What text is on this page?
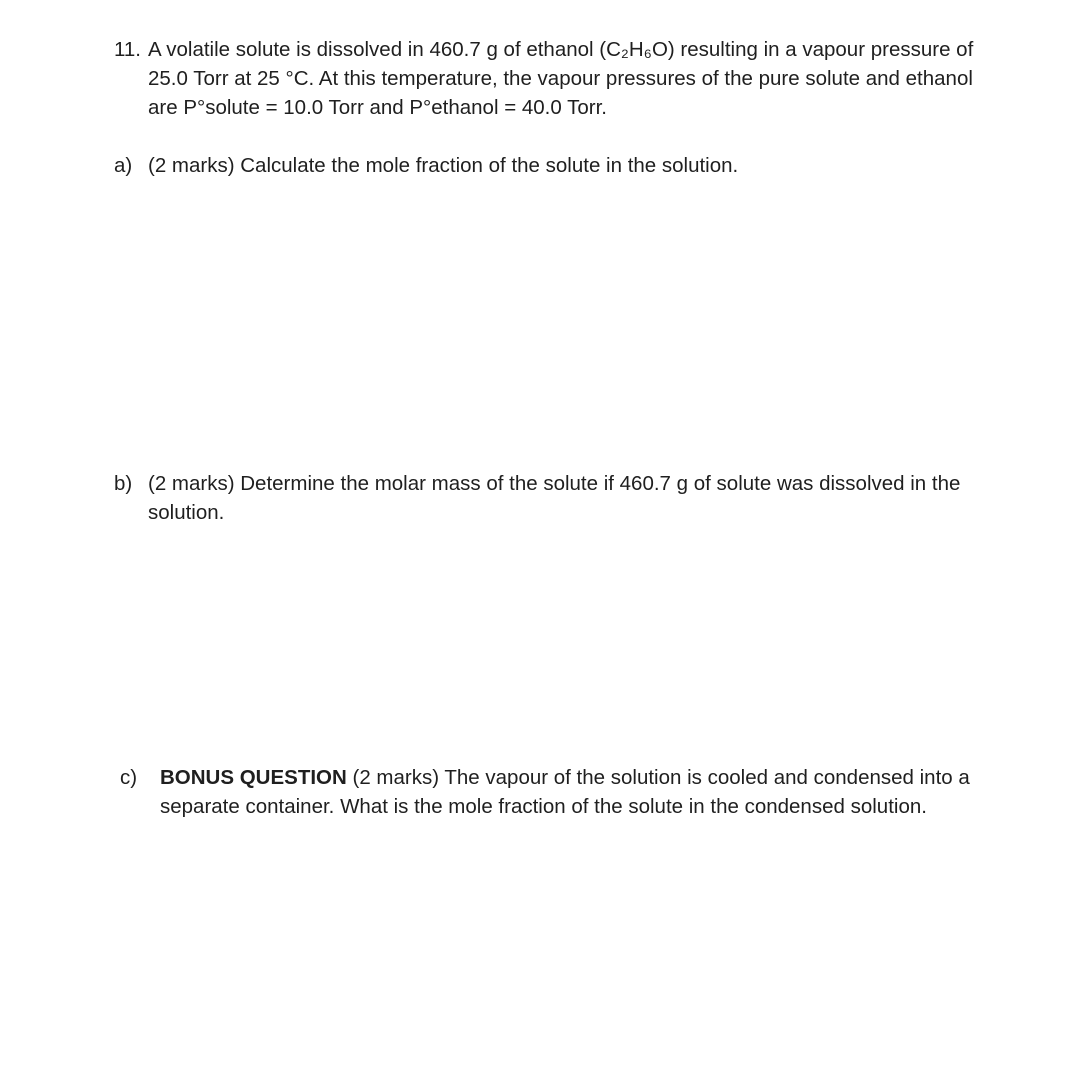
11. A volatile solute is dissolved in 460.7 g of ethanol (C₂H₆O) resulting in a vapour pressure of 25.0 Torr at 25 °C. At this temperature, the vapour pressures of the pure solute and ethanol are P°solute = 10.0 Torr and P°ethanol = 40.0 Torr.
a) (2 marks) Calculate the mole fraction of the solute in the solution.
b) (2 marks) Determine the molar mass of the solute if 460.7 g of solute was dissolved in the solution.
c)	BONUS QUESTION (2 marks) The vapour of the solution is cooled and condensed into a separate container. What is the mole fraction of the solute in the condensed solution.
